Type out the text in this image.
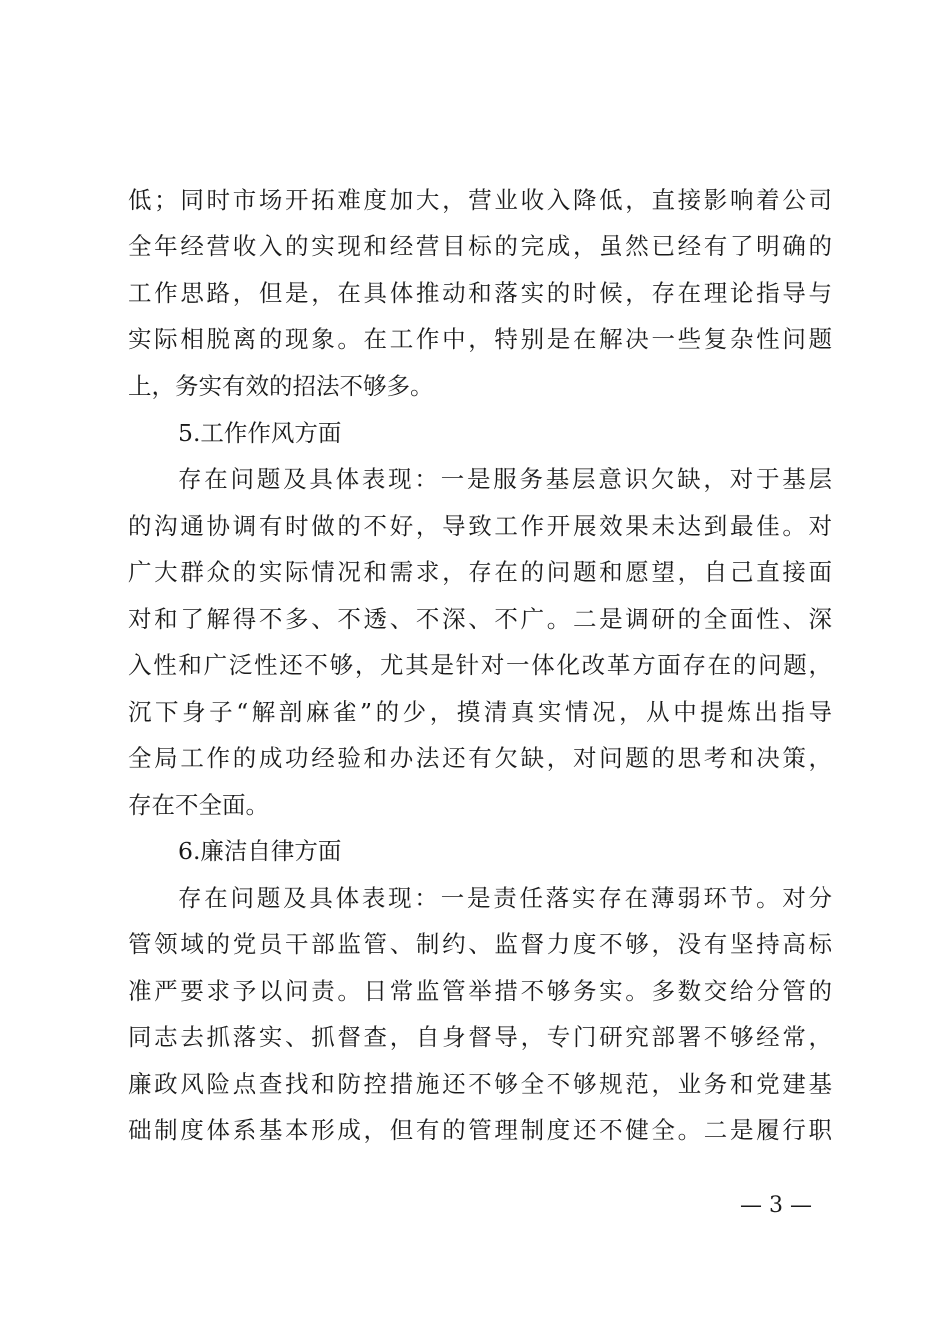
低；同时市场开拓难度加大，营业收入降低，直接影响着公司
全年经营收入的实现和经营目标的完成，虽然已经有了明确的
工作思路，但是，在具体推动和落实的时候，存在理论指导与
实际相脱离的现象。在工作中，特别是在解决一些复杂性问题
上，务实有效的招法不够多。
5.工作作风方面
存在问题及具体表现：一是服务基层意识欠缺，对于基层
的沟通协调有时做的不好，导致工作开展效果未达到最佳。对
广大群众的实际情况和需求，存在的问题和愿望，自己直接面
对和了解得不多、不透、不深、不广。二是调研的全面性、深
入性和广泛性还不够，尤其是针对一体化改革方面存在的问题，
沉下身子“解剖麻雀”的少，摸清真实情况，从中提炼出指导
全局工作的成功经验和办法还有欠缺，对问题的思考和决策，
存在不全面。
6.廉洁自律方面
存在问题及具体表现：一是责任落实存在薄弱环节。对分
管领域的党员干部监管、制约、监督力度不够，没有坚持高标
准严要求予以问责。日常监管举措不够务实。多数交给分管的
同志去抓落实、抓督查，自身督导，专门研究部署不够经常，
廉政风险点查找和防控措施还不够全不够规范，业务和党建基
础制度体系基本形成，但有的管理制度还不健全。二是履行职
— 3 —
